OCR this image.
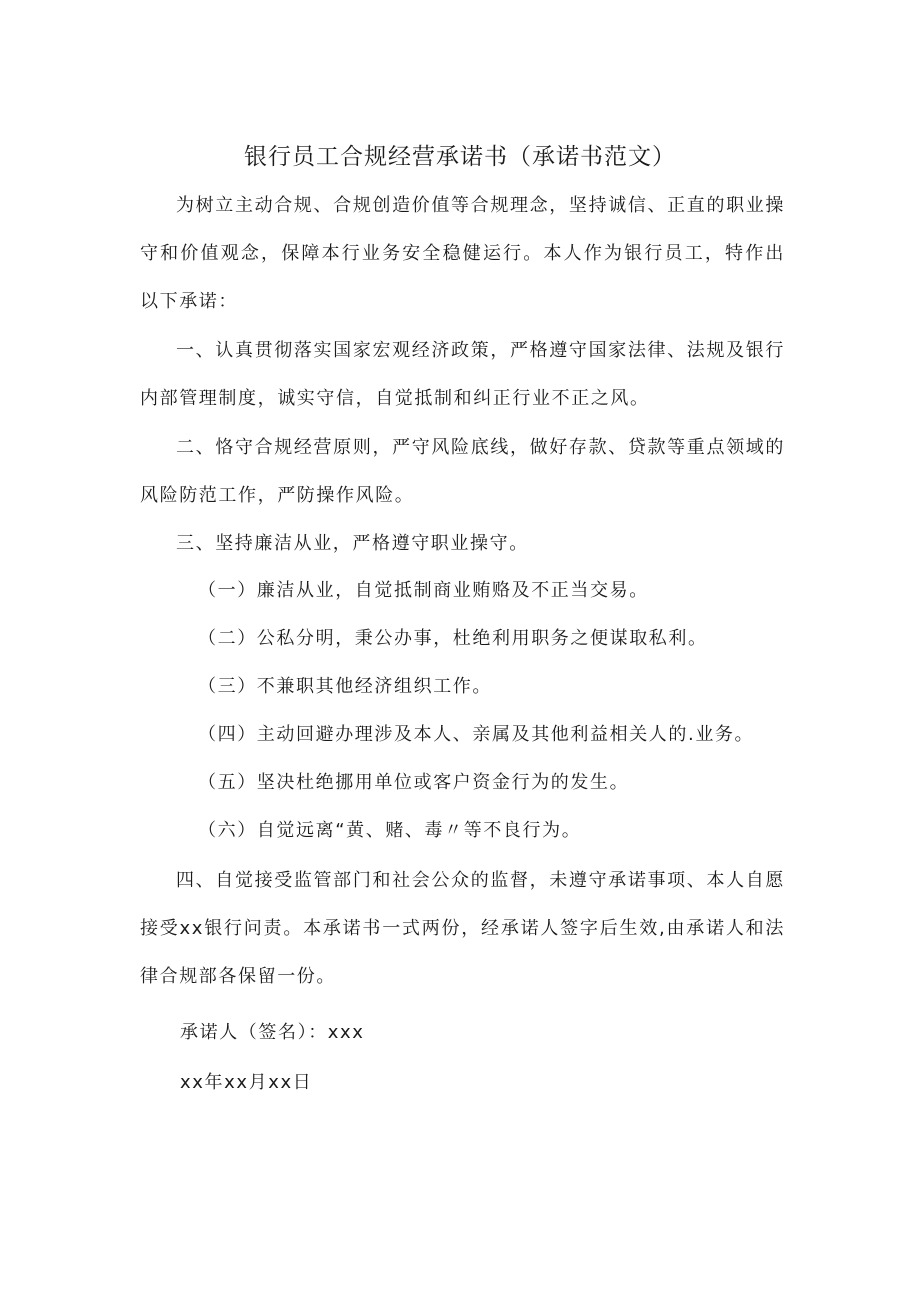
银行员工合规经营承诺书（承诺书范文）

为树立主动合规、合规创造价值等合规理念，坚持诚信、正直的职业操守和价值观念，保障本行业务安全稳健运行。本人作为银行员工，特作出以下承诺：

一、认真贯彻落实国家宏观经济政策，严格遵守国家法律、法规及银行内部管理制度，诚实守信，自觉抵制和纠正行业不正之风。

二、恪守合规经营原则，严守风险底线，做好存款、贷款等重点领域的风险防范工作，严防操作风险。

三、坚持廉洁从业，严格遵守职业操守。

（一）廉洁从业，自觉抵制商业贿赂及不正当交易。

（二）公私分明，秉公办事，杜绝利用职务之便谋取私利。

（三）不兼职其他经济组织工作。

（四）主动回避办理涉及本人、亲属及其他利益相关人的.业务。

（五）坚决杜绝挪用单位或客户资金行为的发生。

（六）自觉远离“黄、赌、毒〃等不良行为。

四、自觉接受监管部门和社会公众的监督，未遵守承诺事项、本人自愿接受xx银行问责。本承诺书一式两份，经承诺人签字后生效,由承诺人和法律合规部各保留一份。

承诺人（签名）：xxx
xx年xx月xx日
